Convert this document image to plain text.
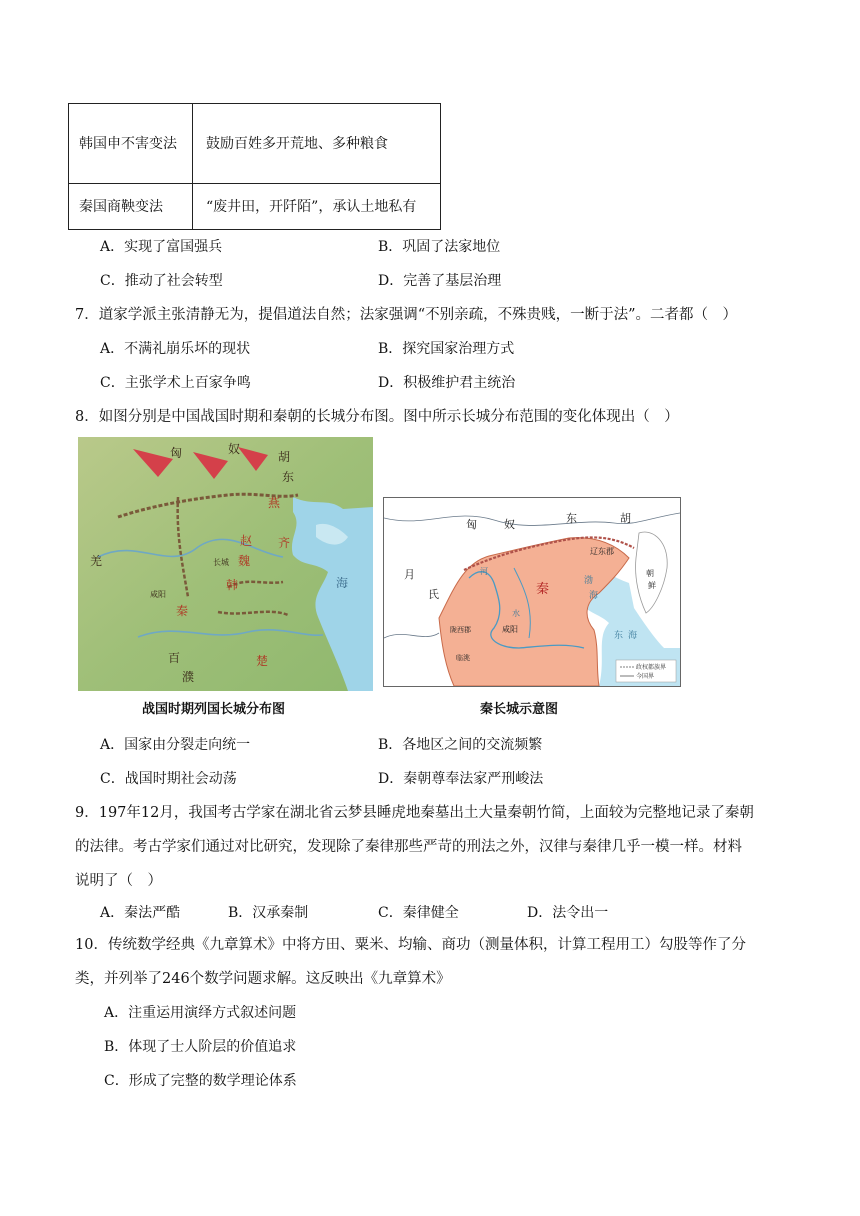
韩国申不害变法	鼓励百姓多开荒地、多种粮食
秦国商鞅变法	“废井田，开阡陌”，承认土地私有
A．实现了富国强兵	B．巩固了法家地位
C．推动了社会转型	D．完善了基层治理
7．道家学派主张清静无为，提倡道法自然；法家强调“不别亲疏，不殊贵贱，一断于法”。二者都（　）
A．不满礼崩乐坏的现状	B．探究国家治理方式
C．主张学术上百家争鸣	D．积极维护君主统治
8．如图分别是中国战国时期和秦朝的长城分布图。图中所示长城分布范围的变化体现出（　）
匈	奴
胡
东
燕
羌
秦
魏
赵 齐
韩
楚
百
濮
海
长城
咸阳
战国时期列国长城分布图
政权都族界
今国界
匈 奴	东	胡
月
氏	秦
渤
海
辽东郡
朝
鲜
陇西郡	咸阳
临洮
东 海
河
水
秦长城示意图
A．国家由分裂走向统一	B．各地区之间的交流频繁
C．战国时期社会动荡	D．秦朝尊奉法家严刑峻法
9．197年12月，我国考古学家在湖北省云梦县睡虎地秦墓出土大量秦朝竹简，上面较为完整地记录了秦朝
的法律。考古学家们通过对比研究，发现除了秦律那些严苛的刑法之外，汉律与秦律几乎一模一样。材料
说明了（　）
A．秦法严酷	B．汉承秦制	C．秦律健全	D．法令出一
10．传统数学经典《九章算术》中将方田、粟米、均输、商功（测量体积，计算工程用工）勾股等作了分
类，并列举了246个数学问题求解。这反映出《九章算术》
A．注重运用演绎方式叙述问题
B．体现了士人阶层的价值追求
C．形成了完整的数学理论体系
